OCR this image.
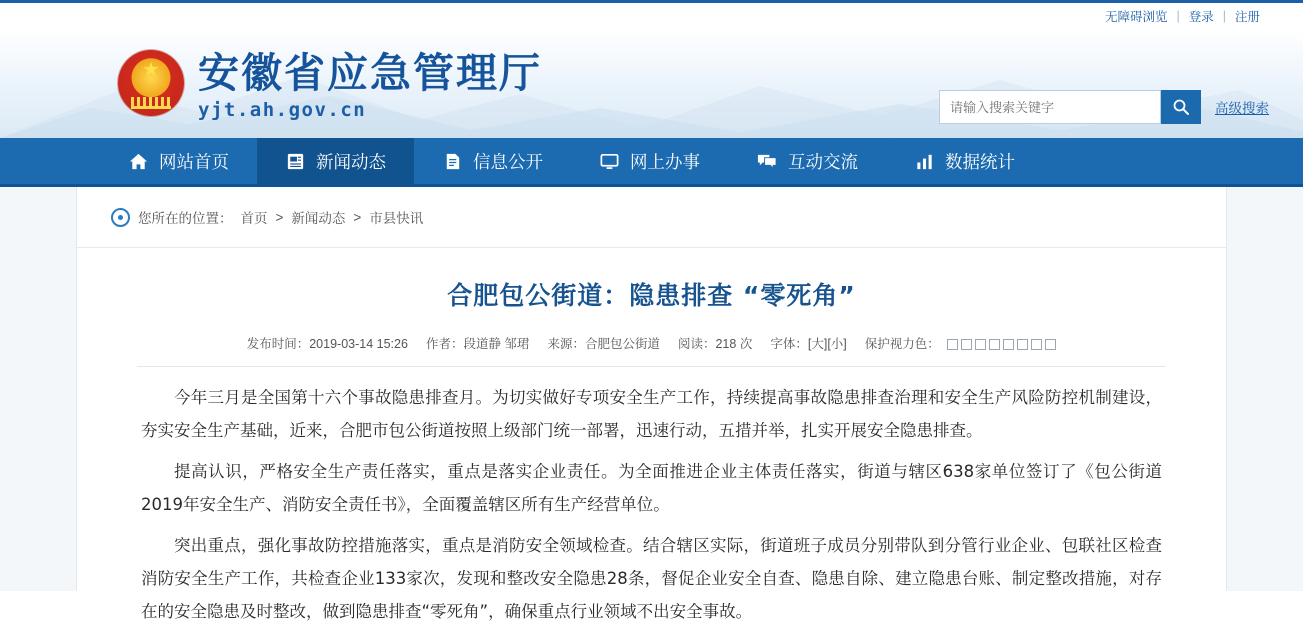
无障碍浏览 | 登录 | 注册
★ 安徽省应急管理厅
yjt.ah.gov.cn
请输入搜索关键字	高级搜索
网站首页	新闻动态	信息公开	网上办事	互动交流	数据统计
您所在的位置： 首页 > 新闻动态 > 市县快讯
合肥包公街道：隐患排查 “零死角”
发布时间：2019-03-14 15:26 作者：段道静 邹珺 来源：合肥包公街道 阅读：218 次 字体：[大][小] 保护视力色：

今年三月是全国第十六个事故隐患排查月。为切实做好专项安全生产工作，持续提高事故隐患排查治理和安全生产风险防控机制建设，夯实安全生产基础，近来，合肥市包公街道按照上级部门统一部署，迅速行动，五措并举，扎实开展安全隐患排查。

提高认识，严格安全生产责任落实，重点是落实企业责任。为全面推进企业主体责任落实，街道与辖区638家单位签订了《包公街道2019年安全生产、消防安全责任书》，全面覆盖辖区所有生产经营单位。

突出重点，强化事故防控措施落实，重点是消防安全领域检查。结合辖区实际，街道班子成员分别带队到分管行业企业、包联社区检查消防安全生产工作，共检查企业133家次，发现和整改安全隐患28条，督促企业安全自查、隐患自除、建立隐患台账、制定整改措施，对存在的安全隐患及时整改，做到隐患排查“零死角”，确保重点行业领域不出安全事故。
